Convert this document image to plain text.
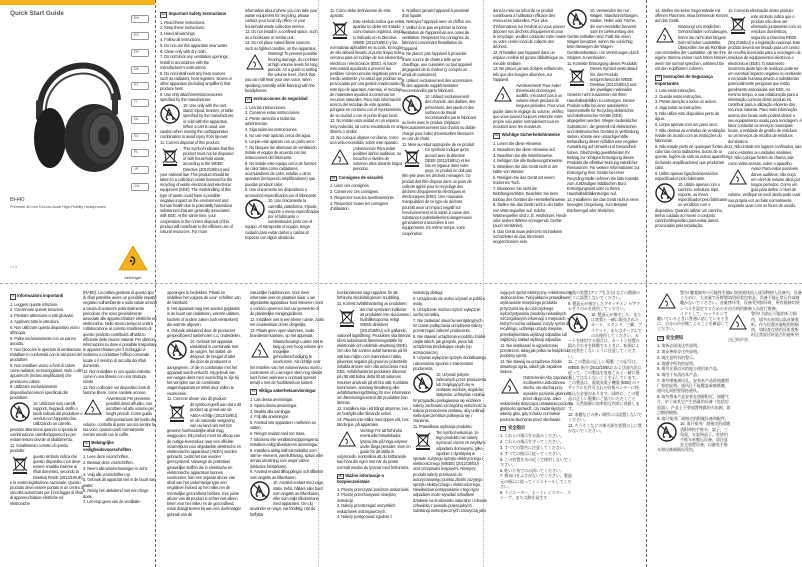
Quick Start Guide
EN
ES
FR
DE
PT
IT
NL
SV
PL
JP
CN
BH40
Premium 40 mm Circum-Aural High-Fidelity Headphones
V 1.0
behringer
EN Important Safety Instructions
1. Read these instructions.
2. Keep these instructions.
3. Heed all warnings.
4. Follow all instructions.
5. Do not use this apparatus near water.
6. Clean only with dry cloth.
7. Do not block any ventilation openings. Install in accordance with the manufacturer's instructions.
8. Do not install near any heat sources such as radiators, heat registers, stoves or other apparatus (including amplifiers) that produce heat.
9. Use only attachments/accessories specified by the manufacturer.
10. Use only with the cart, stand, tripod, bracket, or table specified by the manufacturer, or sold with the apparatus. When a cart is used, use caution when moving the cart/apparatus combination to avoid injury from tip-over.
11. Correct disposal of this product:
This symbol indicates that this product must not be disposed of with household waste, according to the WEEE Directive (2012/19/EU) and your national law. This product should be taken to a collection center licensed for the recycling of waste electrical and electronic equipment (EEE). The mishandling of this type of waste could have a possible negative impact on the environment and human health due to potentially hazardous substances that are generally associated with EEE. At the same time, your cooperation in the correct disposal of this product will contribute to the efficient use of natural resources. For more
information about where you can take your waste equipment for recycling, please contact your local city office, or your household waste collection service.
12. Do not install in a confined space, such as a bookcase or similar unit.
13. Do not place naked flame sources, such as lighted candles, on the apparatus.
Warning! To prevent possible hearing damage, do not listen at high volume levels for long periods. As a guide to setting the volume level, check that you can still hear your own voice, when speaking normally while listening with the headphones.
ES Instrucciones de seguridad
1. Lea las instrucciones.
2. Conserve estas instrucciones.
3. Preste atención a todas las advertencias.
4. Siga todas las instrucciones.
5. No use este aparato cerca del agua.
6. Limpie este aparato con un paño seco.
7. No bloquee las aberturas de ventilación. Instale el equipo de acuerdo con las instrucciones del fabricante.
8. No instale este equipo cerca de fuentes de calor tales como radiadores, acumuladores de calor, estufas u otros aparatos (incluyendo amplificadores) que puedan producir calor.
9. Use únicamente los dispositivos o accesorios especificados por el fabricante.
10. Use únicamente la carretilla, plataforma, trípode, soporte o mesa especificados por el fabricante o suministrados junto con el equipo. Al transportar el equipo, tenga cuidado para evitar daños y caídas al tropezar con algún obstáculo.
11. Cómo debe deshacerse de este aparato:
Este símbolo indica que este aparato no debe ser tratado como basura orgánica, según lo indicado en la Directiva WEEE (2012/19/EU) y las normativas aplicables en su país. En lugar de ello deberá llevarlo al punto limpio más cercano para el reciclaje de sus elementos eléctricos / electrónicos (EEE). Al hacer esto estará ayudando a prevenir las posibles consecuencias negativas para el medio ambiente y la salud que podrían ser provocadas por una gestión inadecuada de este tipo de aparatos. Además, el reciclaje de materiales ayudará a conservar los recursos naturales. Para más información acerca del reciclaje de este aparato, póngase en contacto con el Ayuntamiento de su ciudad o con el punto limpio local.
12. No instale esta unidad en un espacio muy reducido, tal como encastrada en una librería o similar.
13. No coloque objetos con llama, como una vela encendida, sobre este aparato.
¡Advertencia! Para evitar posibles daños auditivos, no escuche a niveles de volumen altos durante largos periodos.
FR Consignes de sécurité
1. Lisez ces consignes.
2. Conservez ces consignes.
3. Respectez tous les avertissements.
4. Respectez toutes les consignes d'utilisation.
5. N'utilisez jamais l'appareil à proximité d'un liquide.
6. Nettoyez l'appareil avec un chiffon sec.
7. Veillez à ne pas empêcher la bonne ventilation de l'appareil via ses ouïes de ventilation. Respectez les consignes du fabricant concernant l'installation de l'appareil.
8. Ne placez pas l'appareil à proximité d'une source de chaleur telle qu'un chauffage, une cuisinière ou tout appareil dégageant de la chaleur (y compris un ampli de puissance).
9. Utilisez exclusivement des accessoires et des appareils supplémentaires recommandés par le fabricant.
10. Utilisez exclusivement des chariots, des diables, des présentoirs, des pieds et des surfaces de travail recommandés par le fabricant ou livrés avec le produit. Déplacez précautionneusement tout chariot ou diable chargé pour éviter d'éventuelles blessures en cas de chute.
11. Mise au rebut appropriée de ce produit:
Ce symbole indique qu'en accord avec la directive DEEE (2012/19/EU) et les lois en vigueur dans votre pays, ce produit ne doit pas être jeté avec les déchets ménagers. Ce produit doit être déposé dans un point de collecte agréé pour le recyclage des déchets d'équipements électriques et électroniques (EEE). Une mauvaise manipulation de ce type de déchets pourrait avoir un impact négatif sur l'environnement et la santé à cause des substances potentiellement dangereuses généralement associées à ces équipements. En même temps, votre coopération
dans la mise au rebut de ce produit contribuera à l'utilisation efficace des ressources naturelles. Pour plus d'informations sur l'endroit où vous pouvez déposer vos déchets d'équipements pour le recyclage, veuillez contacter votre mairie ou votre centre local de collecte des déchets.
12. N'installez pas l'appareil dans un espace confiné tel qu'une bibliothèque ou meuble similaire.
13. Ne placez jamais d'objets enflammés, tels que des bougies allumées, sur l'appareil.
Avertissement! Pour éviter d'éventuels dommages auditifs, n'écoutez pas à un volume élevé pendant de longues périodes. Pour vous guider dans le réglage du volume, vérifiez que vous pouvez toujours entendre votre propre voix parler normalement tout en écoutant avec les écouteurs.
DE Wichtige Sicherheitshinweise
1. Lesen Sie diese Hinweise.
2. Bewahren Sie diese Hinweise auf.
3. Beachten Sie alle Warnhinweise.
4. Befolgen Sie alle Bedienungshinweise.
5. Betreiben Sie das Gerät nicht in der Nähe von Wasser.
6. Reinigen Sie das Gerät mit einem trockenen Tuch.
7. Blockieren Sie nicht die Belüftungsschlitze. Beachten Sie beim Einbau des Gerätes die Herstellerhinweise.
8. Stellen Sie das Gerät nicht in der Nähe von Wärmequellen auf. Solche Wärmequellen sind z. B. Heizkörper, Herde oder andere Wärme erzeugende Geräte (auch Verstärker).
9. Das Gerät muss jederzeit mit intaktem Schutzleiter an das Stromnetz angeschlossen sein.
10. Verwenden Sie nur Wagen, Standvorrichtungen, Stative, Halter oder Tische, die vom Hersteller benannt oder im Lieferumfang des Geräts enthalten sind. Falls Sie einen Wagen benutzen, sehen Sie vorsichtig beim Bewegen der Wagen-Gerätkombination, um Verletzungen durch Stolpern zu vermeiden.
11. Korrekte Entsorgung dieses Produkts:
Dieses Symbol weist darauf hin, das Produkt entsprechend der WEEE Direktive (2012/19/EU) und der jeweiligen nationalen Gesetze nicht zusammen mit Ihren Haushaltsabfällen zu entsorgen. Dieses Produkt sollte bei einer autorisierten Sammelstelle für Recycling elektrischer und elektronischer Geräte (EEE) abgegeben werden. Wegen bedenklicher Substanzen, die generell mit elektrischen und elektronischen Geräten in Verbindung stehen, könnte eine unsachgemäße Behandlung dieser Abfallart eine negative Auswirkung auf Umwelt und Gesundheit haben. Gleichzeitig gewährleisten Ihr Beitrag zur richtigen Entsorgung dieses Produkts die effektive Nutzung natürlicher Ressourcen. Für weitere Informationen zur Entsorgung Ihrer Geräte bei einer Recycling-Stelle nehmen Sie bitte Kontakt zum zuständigen städtischen Büro, Entsorgungsamt oder zu Ihrem Haushaltsabfallentsorger auf.
12. Installieren Sie das Gerät nicht in einer beengten Umgebung, zum Beispiel Bücherregal oder ähnliches.
13. Stellen Sie keine Gegenstände mit offenen Flammen, etwa brennende Kerzen, auf das Gerät.
Warnung! Um möglichen Gehörschäden vorzubeugen, hören Sie nicht über längere Zeit mit hoher Lautstärke. Überprüfen Sie als Richtlinie zum Einstellen der Lautstärke, ob Sie Ihre eigene Stimme immer noch hören können, wenn Sie normal sprechen, während Sie mit den Kopfhörern zuhören.
PT Instruções de Segurança Importantes
1. Leia estas instruções.
2. Guarde estas instruções.
3. Preste atenção a todos os avisos.
4. Siga todas as instruções.
5. Não utilize este dispositivo perto de água.
6. Limpe apenas com um pano seco.
7. Não obstrua as entradas de ventilação. Instale de acordo com as instruções do fabricante.
8. Não instale perto de quaisquer fontes de calor tais como radiadores, bocas de ar quente, fogões de sala ou outros aparelhos (incluindo amplificadores) que produzam calor.
9. Utilize apenas ligações/acessórios especificados pelo fabricante.
10. Utilize apenas com o carrinho, estrutura, tripé, suporte, ou mesa especificados pelo fabricante ou vendidos com o dispositivo. Quando utilizar um carrinho, tenha cuidado ao mover o conjunto carrinho/dispositivo para evitar danos provocados pela terpidação.
11. Correcta eliminação deste produto:
este símbolo indica que o produto não deve ser eliminado juntamente com os resíduos domésticos, segundo a Directiva REEE (2012/19/EU) e a legislação nacional. Este produto deverá ser levado para um centro de recolha licenciado para a reciclagem de resíduos de equipamentos eléctricos e electrónicos (EEE). O tratamento incorrecto deste tipo de resíduos pode ter um eventual impacto negativo no ambiente e na saúde humana devido a substâncias potencialmente perigosas que estão geralmente associadas aos EEE. Ao mesmo tempo, a sua colaboração para a eliminação correcta deste produto irá contribuir para a utilização eficiente dos recursos naturais. Para mais informação acerca dos locais onde poderá deixar o seu equipamento usado para reciclagem, é favor contactar os serviços municipais locais, a entidade de gestão de resíduos ou os serviços de recolha de resíduos domésticos.
12. Não instale em lugares confinados, tais como estantes ou unidades similares.
13. Não coloque fontes de chama, tais como velas acesas, sobre o aparelho.
Aviso! Para evitar possíveis danos auditivos, não ouça em nível de volume altos por longos períodos. Como um guia para definir o nível de volume, verifique se você ainda pode ouvir sua própria voz ao falar normalmente enquanto ouve com os fones de ouvido.
IT Informazioni importanti
1. Leggere queste istruzioni.
2. Conservare queste istruzioni.
3. Prestare attenzione a tutti gli avvisi.
4. Applicare tutte le istruzioni.
5. Non utilizzare questo dispositivo vicino all'acqua.
6. Pulire esclusivamente con un panno asciutto.
7. Non bloccare le aperture di ventilazione. Installare in conformità con le istruzioni del produttore.
8. Non installare vicino a fonti di calore come radiatori, termoregolatori, stufe o altri apparecchi (inclusi amplificatori) che producono calore.
9. Utilizzare esclusivamente dispositivi/accessori specificati dal produttore.
10. Utilizzare solo carrelli, supporti, treppiedi, staffe o tavoli indicati dal produttore o venduti con l'apparecchio. Utilizzando un carrello, prestare attenzione quando si sposta la combinazione carrello/apparecchio per evitare lesioni dovute al ribaltamento.
11. Smaltimento corretto di questo prodotto:
questo simbolo indica che questo dispositivo non deve essere smaltito insieme ai rifiuti domestici, secondo la Direttiva RAEE (2012/19/UE) e la vostra legislazione nazionale. Questo prodotto deve essere portato in un centro di raccolta autorizzato per il riciclaggio di rifiuti di apparecchiature elettriche ed elettroniche
(RAEE). La cattiva gestione di questo tipo di rifiuti potrebbe avere un possibile impatto negativo sull'ambiente e sulla salute umana a causa di sostanze potenzialmente pericolose che sono generalmente associate alle apparecchiature elettriche ed elettroniche. Nello stesso tempo la vostra collaborazione al corretto smaltimento di questo prodotto contribuirà all'utilizzo efficiente delle risorse naturali. Per ulteriori informazioni su dove è possibile trasportare le apparecchiature per il riciclaggio vi invitiamo a contattare l'ufficio comunale locale o il servizio di raccolta dei rifiuti domestici.
12. Non installare in uno spazio ristretto, come in una libreria o in una struttura simile.
13. Non collocare sul dispositivo fonti di fiamme libere, come candele accese.
Avvertenza! Per prevenire possibili danni all'udito, non ascoltare ad alto volume per lunghi periodi. Come guida all'impostazione del livello del volume, controlla di poter ancora sentire la tua voce, quando parli normalmente mentre ascolti con le cuffie.
NL Belangrijke veiligheidsvoorschriften
1. Lees deze voorschriften.
2. Bewaar deze voorschriften.
3. Neem alle waarschuwingen in acht.
4. Volg alle voorschriften op.
5. Gebruik dit apparaat niet in de buurt van water.
6. Reinig het uitsluitend met een droge doek.
7. Let erop geen van de ventilatie-
openingen te bedekken. Plaats en installeer het volgens de voor- schriften van de fabrikant.
8. Het apparaat mag niet worden geplaatst in de buurt van radiatoren, warmte-uitlaten, kachels of andere zaken (ook versterkers) die warmte afgeven.
9. Gebruik uitsluitend door de producent gespecificeerd toebehoren c.q. onderdelen.
10. Gebruik het apparaat uitsluitend in combinatie met de wagen, het statief, de driepoot, de beugel of tafel die door de producent is aangegeven, of die in combinatie met het apparaat wordt verkocht. Bij gebruik van een wagen dient men voorzichtig te zijn bij het verrijden van de combinatie wagen/apparaat en letsel door vallen te voorkomen.
11. Correcte afvoer van dit product:
dit symbool geeft aan dat u dit product op grond van de AEEA-richtlijn (2012/19/EU) en de nationale wetgeving van uw land niet met het gewone huishoudelijke afval mag weggooien. Dit product moet na afloop van de nuttige levensduur naar een officiële inzamelpunt voor afgedankte elektrische en elektronische apparatuur (AEEA) worden gebracht, zodat het kan worden gerecycleerd. Vanwege de potentieel gevaarlijke stoffen die in elektrische en elektronische apparatuur kunnen voorkomen, kan een onjuiste afvoer van afval van het onderhavige type een negatieve invloed op het milieu en de menselijke gezondheid hebben. Een juiste afvoer van dit product is echter niet alleen beter voor het milieu en de gezondheid, maar draagt tevens bij aan een doelmatiger gebruik van de
natuurlijke hulpbronnen. Voor meer informatie over de plaatsen waar u uw afgedankte apparatuur kunt inleveren, kunt u contact opnemen met uw gemeente of de plaatselijke reinigingsdienst.
12. Installeer niet in een kleine ruimte, zoals een boekenkast of iets dergelijks.
13. Plaats geen open vlammen, zoals brandende kaarsen, op het apparaat.
Waarschuwing! Luister niet te lang op een hoog volume om mogelijke gehoorbeschadiging te voorkomen. Als richtlijn voor het instellen van het volumeniveau moet u controleren of u uw eigen stem nog steeds kunt horen wanneer u normaal spreekt terwijl u met de hoofdtelefoon luistert.
SV Viktiga säkerhetsanvisningar
1. Läs dessa anvisningar.
2. Spara dessa anvisningar.
3. Beakta alla varningar.
4. Följ alla anvisningar.
5. Använd inte apparaten i närheten av vatten.
6. Rengör endast med torr trasa.
7. Blockera inte ventilationsöppningarna. Installera enligt tillverkarens anvisningar.
8. Installera aldrig intill värmekällor som värme- element, varmluftsintag, spisar eller annan utrustning som avger värme (inklusive förstärkare).
9. Använd endast tillkopplingar och tillbehör som angetts av tillverkaren.
10. Använd endast med vagn, stativ, trefot, hållare eller bord som angetts av tillverkaren, eller som säljs tillsammans med apparaten. Om du använder en vagn, var försiktig, när du förflyttar
kombinationen vagn-apparat, för att förhindra olycksfall genom snubbling.
11. Korrekt avfallshantering av produkten:
den här symbolen indikerar att produkten inte ska kastas i hushållssoporna, enligt WEEE direktivet (2012/19/EU) och gällande, nationell lagstiftning. Produkten ska lämnas till ett auktoriserat återvinningsställe för elektronisk och elektrisk utrustning (EEE). Om den här sortens avfall hanteras på fel sätt kan miljön, och människors hälsa, påverkas negativt på grund av potentiella riskabla ämnen som ofta associeras med EEE. Avfallshanteras produkten däremot på rätt sätt bidrar detta till att naturens resurser används på ett bra sätt. Kontakta kommunen, ansvarig förvaltning eller avfallshanteringsföretag för mer information om återvinningscentral där produkten kan lämnas.
12. Installera inte i ett trångt utrymme, t.ex. i en bokhylla eller liknande enhet.
13. Placera inte källor med öppen eld, t.ex. tända ljus, på apparaten.
Varning! För att förhindra eventuella hörselskador, lyssna inte på höga volymer under långa perioder. Som en guide för att ställa in volymnivån, kontrollera att du fortfarande kan höra din egen röst när du pratar normalt medan du lyssnar med hörlurarna.
PL Ważne informacje o bezpieczeństwie
1. Proszę przeczytać poniższe wskazówki.
2. Proszę przechowywać niniejszą instrukcję.
3. Należy przestrzegać wszystkich wskazówek ostrzegawczych.
4. Należy postępować zgodnie z
instrukcją obsługi.
5. Urządzenia nie wolno używać w pobliżu wody.
6. Urządzenie można czyścić wyłącznie suchą szmatką.
7. Nie zasłaniać otworów wentylacyjnych. W czasie podłączania urządzenia należy przestrzegać zaleceń producenta.
8. Nie stawiać urządzenia w pobliżu źródeł ciepła takich, jak grzejniki, piece lub urządzenia produkujące ciepło (np. wzmacniacze).
9. Używać wyłącznie sprzętu dodatkowego i akcesoriów zgodnie z zaleceniami producenta.
10. Używać jedynie zalecanych przez producenta lub znajdujących się w zestawie wózków, stojaków, statywów, uchwytów i stołów. W przypadku posługiwania się wózkiem należy zachować szczególną ostrożność w trakcie przewożenia zestawu, aby uniknąć niebezpieczeństwa potknięcia się i zranienia.
11. Prawidłowa utylizacja produktu:
Ten symbol wskazuje, że tego produktu nie należy wyrzucać razem ze zwykłymi odpadami domowymi, tylko zgodnie z dyrektywą w sprawie zużytego sprzętu elektrycznego i elektronicznego (WEEE) (2012/19/EU) oraz przepisami krajowymi. Niniejszy produkt należy przekazać do autoryzowanego punktu zbiórki zużytego sprzętu elektrycznego i elektronicznego. Niewłaściwe postępowanie z tego typu odpadami może wywołać szkodliwe działanie na środowisko naturalne i zdrowie człowieka z powodu potencjalnych substancji niebezpiecznych zazwyczaj jako
sujących sprzęt elektryczny i elektroniczny. Jednocześnie, Twój wkład w prawidłowe utylizowanie niniejszego produktu przyczynia się do oszczędnego wykorzystywania zasobów naturalnych. Szczegółowych informacji o miejscach, w których można oddawać zużyty sprzęt do recyklingu, udzielają urzędy miejskie, przedsiębiorstwa utylizacji odpadów lub najbliższy zakład utylizacji odpadów.
12. Nie instalować w ograniczonej przestrzeni, takiej jak półka na książki lub podobny sprzęt.
13. Nie stawiaj na urządzeniu źródeł otwartego ognia, takich jak zapalone świece.
Ostrzeżenie! Aby zapobiec możliwemu uszkodzeniu słuchu, nie słuchaj przy wysokim poziomie głośności przez długi czas. Jako wskazówkę dotyczącą ustawiania poziomu głośności sprawdź, czy nadal słyszysz własny głos, gdy mówisz normalnie podczas słuchania przez słuchawki.
JP 安全指示
1. これらの指示をお読みください。
2. これらの指示を守ってください。
3. すべての警告に注意してください。
4. すべての指示に従ってください。
5. この装置を水の近くで使用しないでください。
6. 乾いた布でのみ拭いてください。
7. 換気口をふさがないでください。製造元の指示に従ってインストールしてください。
8. ラジエーター、ヒートレジスター、ストーブ、または熱を発生す
る他の装置 (アンプを含む) などの熱源の近くに設置しないでください。
9. 製造元が指定したアタッチメント/アクセサリのみを使用してください。
10. 製造元が指定した、または装置と一緒に販売されたカート、スタンド、三脚、ブラケット、またはテーブルでのみ使用してください。カートを使用する場合は、カートと装置の組み合わせを移動するときに、転倒による怪我をしないように注意してください。
11. この製品の正しい廃棄: この記号は、WEEE 指令 (2012/19/EU) および国内法に従って、この製品を家庭ごみと一緒に廃棄してはならないことを示しています。この製品は、廃電気電子機器 (EEE) のリサイクルを許可された収集センターに持ち込む必要があります。同時に、この製品の正しい廃棄にご協力いただくことで、天然資源の効率的な利用に貢献します。
12. 本棚などの狭い場所には設置しないでください。
13. ろうそくなどの裸火源を装置の上に置かないでください。
警告! 聴覚障害の可能性を防ぐために、大音量で長時間聴かないでください。音量レベルを設定するためのガイドとして、ヘッドホンで聴いているときに普通に話しているときに、自分の声が聞こえることを確認してください。
CN 安全须知
1. 请务必阅读这些说明。
2. 请妥善保存这些说明。
3. 请注意所有的警示。
4. 请遵守所有的说明。
5. 请勿在靠近水的地方使用本产品。
6. 请用干布清洁本产品。
7. 请勿堵塞通风孔。安装本产品时请遵照厂家的说明。通风孔不能覆盖或被堵塞，通风孔周围要保持通风。
8. 请勿将本产品安装在热源附近，如暖气片，炉子或其它产生热量的设备（包括功放器）。产品上不要放置裸露的火焰源，如点燃的蜡烛。
9. 请只使用厂商指定的附属设备和配件。
10. 请只使用厂商指定的或随货附带的手推车，架子，三角架，支架和桌子。若使用手推车来搬运设备，请注意安全放置设备，以避免手推车和设备倾倒而受伤。
11. 如果液体流入或异物掉入设备内，设备请用原装包装盒，设备不能正常运作或被摔坏等，设备受到损坏时，所有维修均须由合格的维修人员进行维修。
警告! 为防止可能的听力损伤，请勿长时间以高音量收听。作为设置音量级别的指南，请检查在使用耳机收听时正常说话时是否仍能听到自己的声音。
